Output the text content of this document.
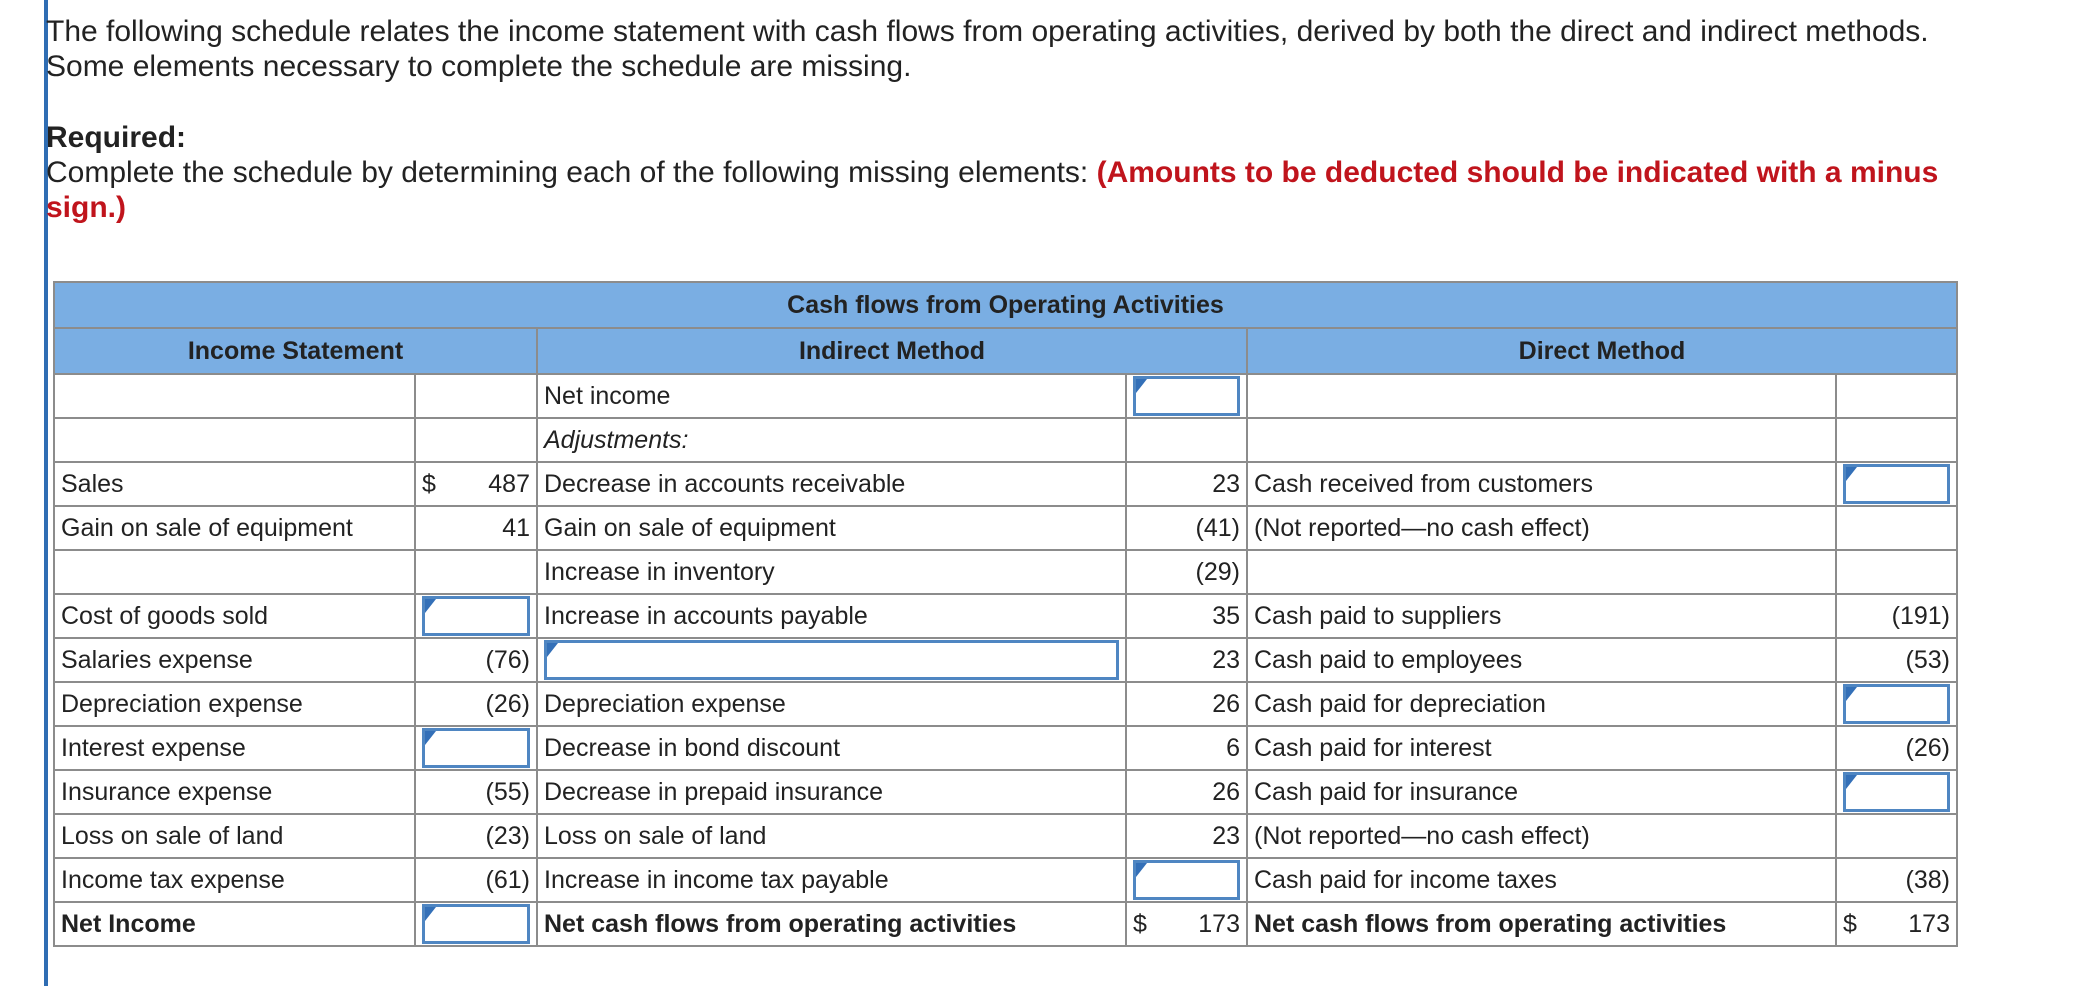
The following schedule relates the income statement with cash flows from operating activities, derived by both the direct and indirect methods. Some elements necessary to complete the schedule are missing.

Required:

Complete the schedule by determining each of the following missing elements: (Amounts to be deducted should be indicated with a minus sign.)

Cash flows from Operating Activities					
Income Statement		Indirect Method		Direct Method	
		Net income	

		Adjustments:			
Sales	$ 487	Decrease in accounts receivable	23	Cash received from customers	

Gain on sale of equipment	41	Gain on sale of equipment	(41)	(Not reported—no cash effect)	
		Increase in inventory	(29)		
Cost of goods sold		Increase in accounts payable	35	Cash paid to suppliers	(191)
Salaries expense	(76)		23	Cash paid to employees	(53)
Depreciation expense	(26)	Depreciation expense	26	Cash paid for depreciation	

Interest expense		Decrease in bond discount	6	Cash paid for interest	(26)
Insurance expense	(55)	Decrease in prepaid insurance	26	Cash paid for insurance	

Loss on sale of land	(23)	Loss on sale of land	23	(Not reported—no cash effect)	
Income tax expense	(61)	Increase in income tax payable		Cash paid for income taxes	(38)
Net Income		Net cash flows from operating activities	$ 173	Net cash flows from operating activities	$ 173
